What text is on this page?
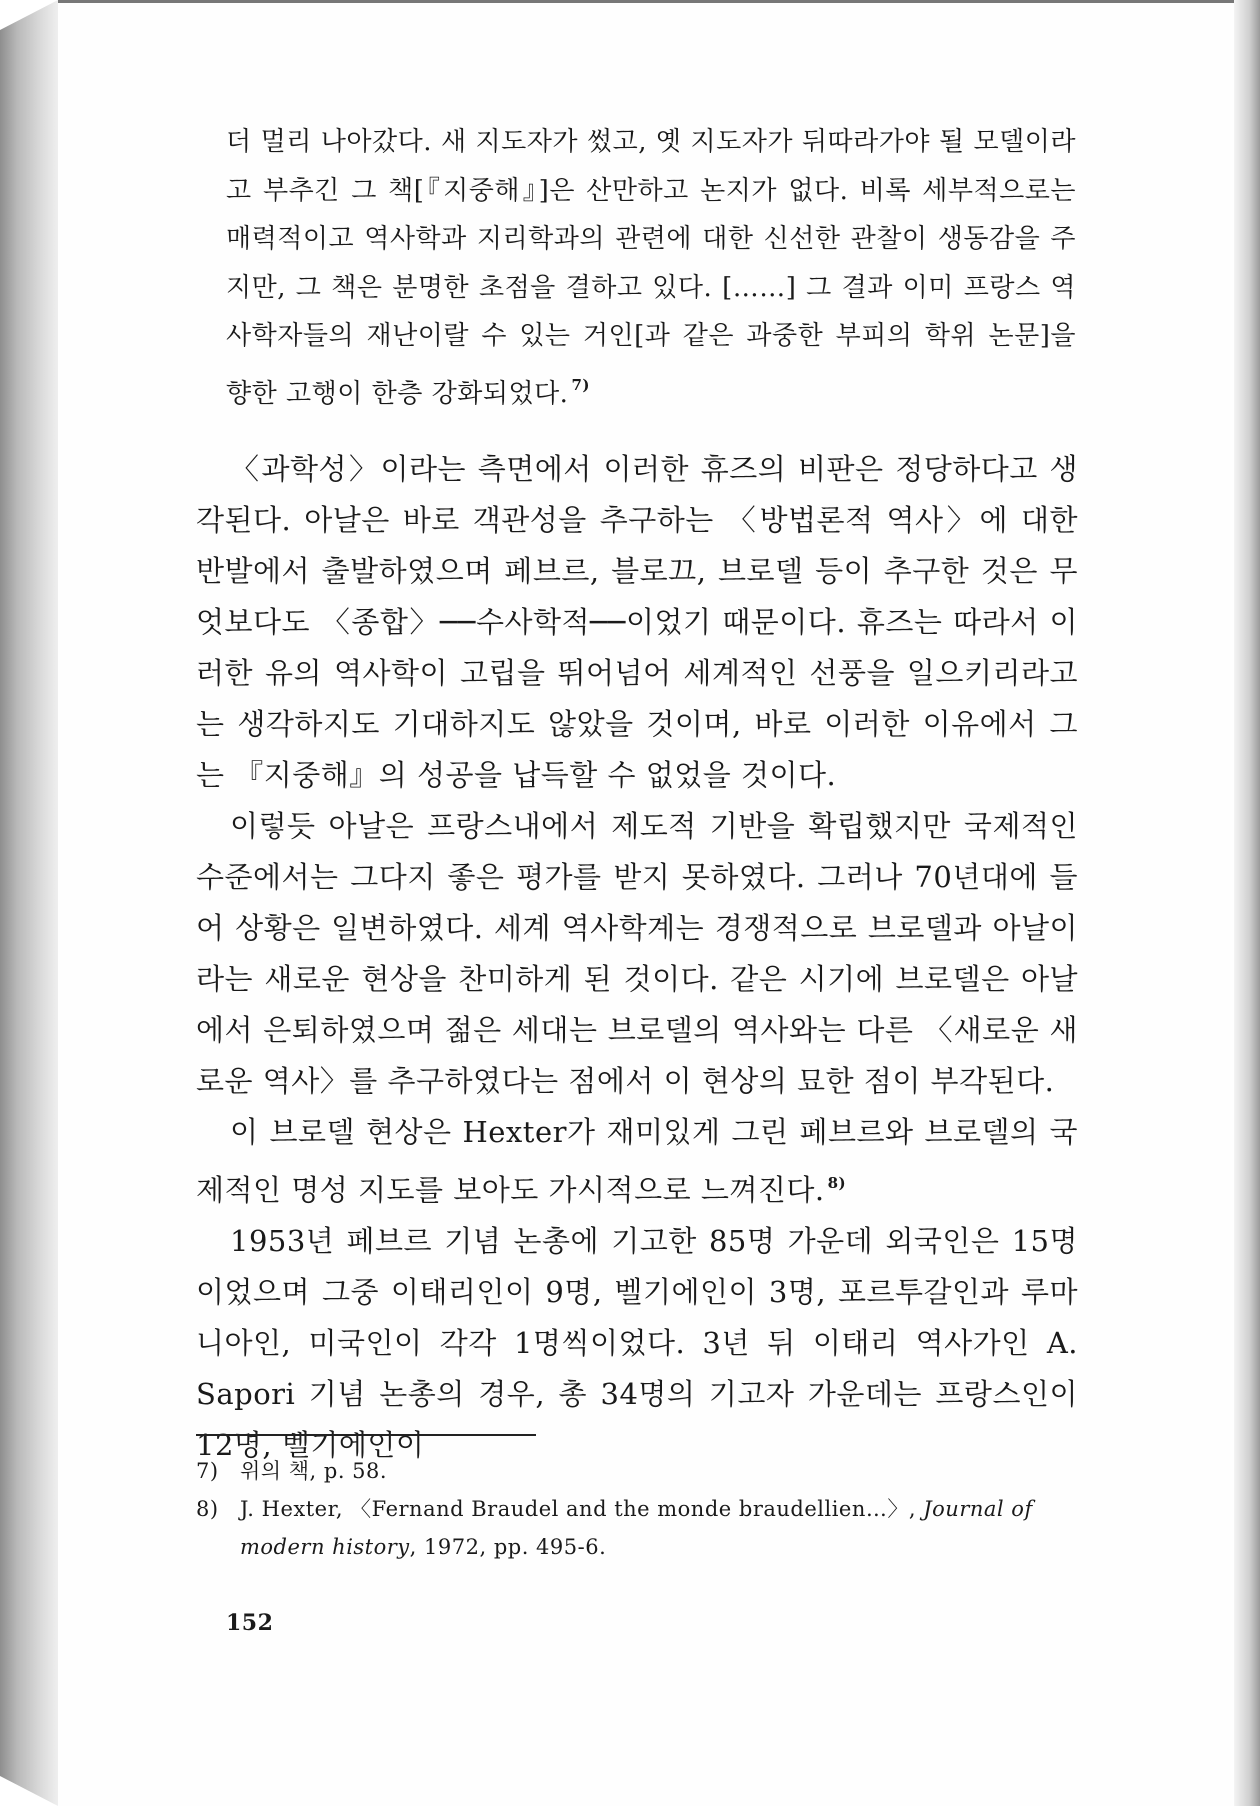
더 멀리 나아갔다. 새 지도자가 썼고, 옛 지도자가 뒤따라가야 될 모델이라고 부추긴 그 책[『지중해』]은 산만하고 논지가 없다. 비록 세부적으로는 매력적이고 역사학과 지리학과의 관련에 대한 신선한 관찰이 생동감을 주지만, 그 책은 분명한 초점을 결하고 있다. [……] 그 결과 이미 프랑스 역사학자들의 재난이랄 수 있는 거인[과 같은 과중한 부피의 학위 논문]을 향한 고행이 한층 강화되었다. $^{7)}$

〈과학성〉이라는 측면에서 이러한 휴즈의 비판은 정당하다고 생각된다. 아날은 바로 객관성을 추구하는 〈방법론적 역사〉에 대한 반발에서 출발하였으며 페브르, 블로끄, 브로델 등이 추구한 것은 무엇보다도 〈종합〉──수사학적──이었기 때문이다. 휴즈는 따라서 이러한 유의 역사학이 고립을 뛰어넘어 세계적인 선풍을 일으키리라고는 생각하지도 기대하지도 않았을 것이며, 바로 이러한 이유에서 그는 『지중해』의 성공을 납득할 수 없었을 것이다.

이렇듯 아날은 프랑스내에서 제도적 기반을 확립했지만 국제적인 수준에서는 그다지 좋은 평가를 받지 못하였다. 그러나 70년대에 들어 상황은 일변하였다. 세계 역사학계는 경쟁적으로 브로델과 아날이라는 새로운 현상을 찬미하게 된 것이다. 같은 시기에 브로델은 아날에서 은퇴하였으며 젊은 세대는 브로델의 역사와는 다른 〈새로운 새로운 역사〉를 추구하였다는 점에서 이 현상의 묘한 점이 부각된다.

이 브로델 현상은 Hexter가 재미있게 그린 페브르와 브로델의 국제적인 명성 지도를 보아도 가시적으로 느껴진다. $^{8)}$

1953년 페브르 기념 논총에 기고한 85명 가운데 외국인은 15명이었으며 그중 이태리인이 9명, 벨기에인이 3명, 포르투갈인과 루마니아인, 미국인이 각각 1명씩이었다. 3년 뒤 이태리 역사가인 A. Sapori 기념 논총의 경우, 총 34명의 기고자 가운데는 프랑스인이 12명, 벨기에인이

7)	위의 책, p. 58.
8)	J. Hexter, 〈Fernand Braudel and the monde braudellien…〉, Journal of modern history, 1972, pp. 495-6.
152
